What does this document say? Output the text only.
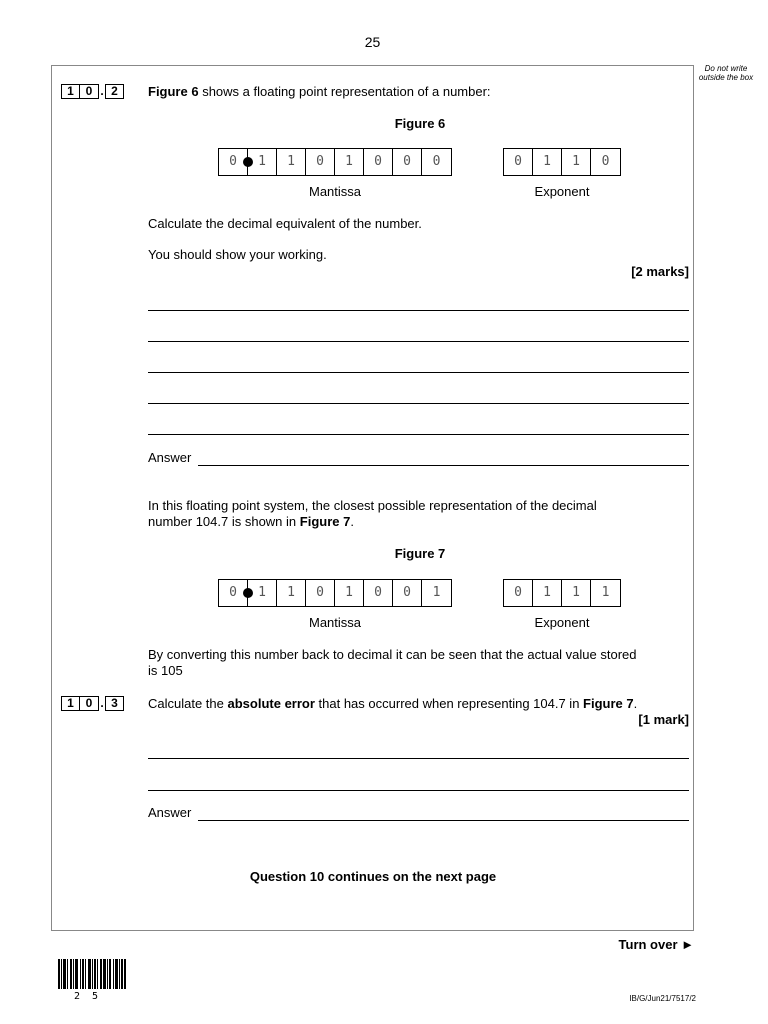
25
Do not write outside the box
1 0 . 2	Figure 6 shows a floating point representation of a number:
Figure 6
0	1	1	0	1	0	0	0
Mantissa
0	1	1	0
Exponent
Calculate the decimal equivalent of the number.
You should show your working.
[2 marks]
Answer
In this floating point system, the closest possible representation of the decimal
number 104.7 is shown in Figure 7.
Figure 7
0	1	1	0	1	0	0	1
Mantissa
0	1	1	1
Exponent
By converting this number back to decimal it can be seen that the actual value stored
is 105
1 0 . 3	Calculate the absolute error that has occurred when representing 104.7 in Figure 7.
[1 mark]
Answer
Question 10 continues on the next page
Turn over ►
2  5	IB/G/Jun21/7517/2
